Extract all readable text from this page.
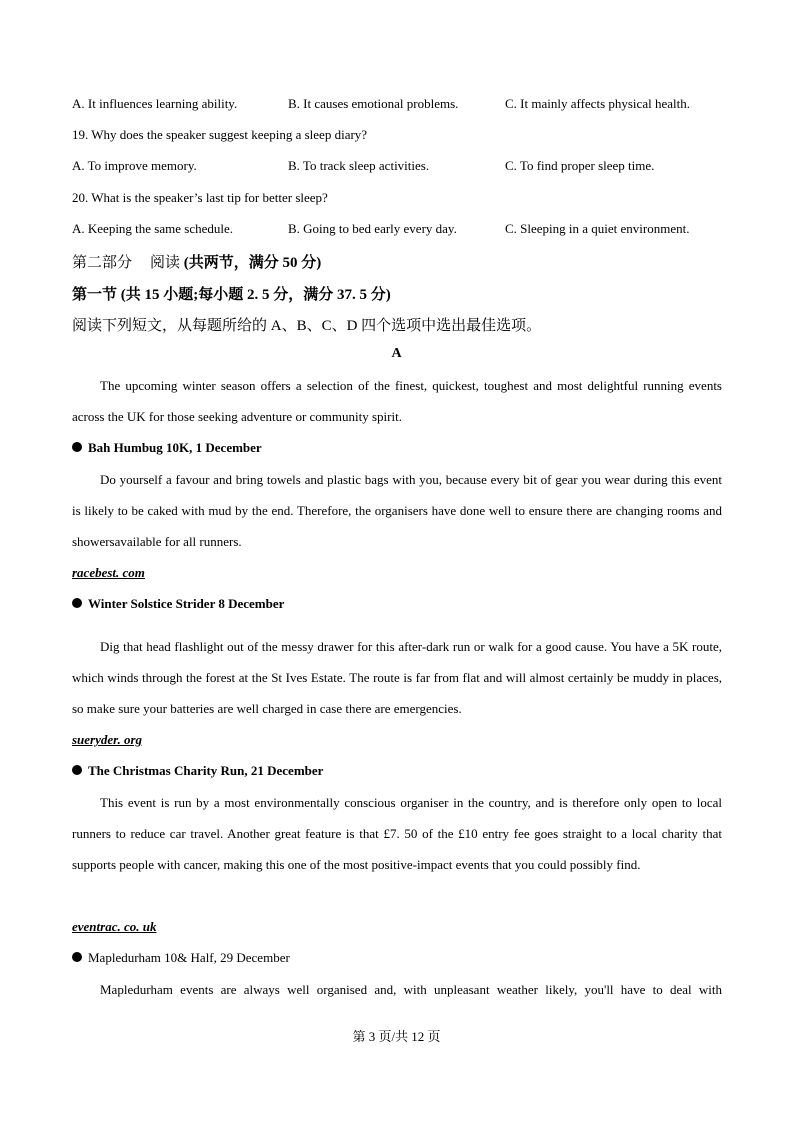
A. It influences learning ability.	B. It causes emotional problems.	C. It mainly affects physical health.
19. Why does the speaker suggest keeping a sleep diary?
A. To improve memory.	B. To track sleep activities.	C. To find proper sleep time.
20. What is the speaker’s last tip for better sleep?
A. Keeping the same schedule.	B. Going to bed early every day.	C. Sleeping in a quiet environment.
第二部分 阅读 (共两节，满分 50 分)
第一节 (共 15 小题;每小题 2. 5 分，满分 37. 5 分)
阅读下列短文，从每题所给的 A、B、C、D 四个选项中选出最佳选项。
A
The upcoming winter season offers a selection of the finest, quickest, toughest and most delightful running events across the UK for those seeking adventure or community spirit.
Bah Humbug 10K, 1 December
Do yourself a favour and bring towels and plastic bags with you, because every bit of gear you wear during this event is likely to be caked with mud by the end. Therefore, the organisers have done well to ensure there are changing rooms and showersavailable for all runners.
racebest. com
Winter Solstice Strider 8 December
Dig that head flashlight out of the messy drawer for this after-dark run or walk for a good cause. You have a 5K route, which winds through the forest at the St Ives Estate. The route is far from flat and will almost certainly be muddy in places, so make sure your batteries are well charged in case there are emergencies.
sueryder. org
The Christmas Charity Run, 21 December
This event is run by a most environmentally conscious organiser in the country, and is therefore only open to local runners to reduce car travel. Another great feature is that £7. 50 of the £10 entry fee goes straight to a local charity that supports people with cancer, making this one of the most positive-impact events that you could possibly find.
eventrac. co. uk
Mapledurham 10& Half, 29 December
Mapledurham events are always well organised and, with unpleasant weather likely, you'll have to deal with
第 3 页/共 12 页
